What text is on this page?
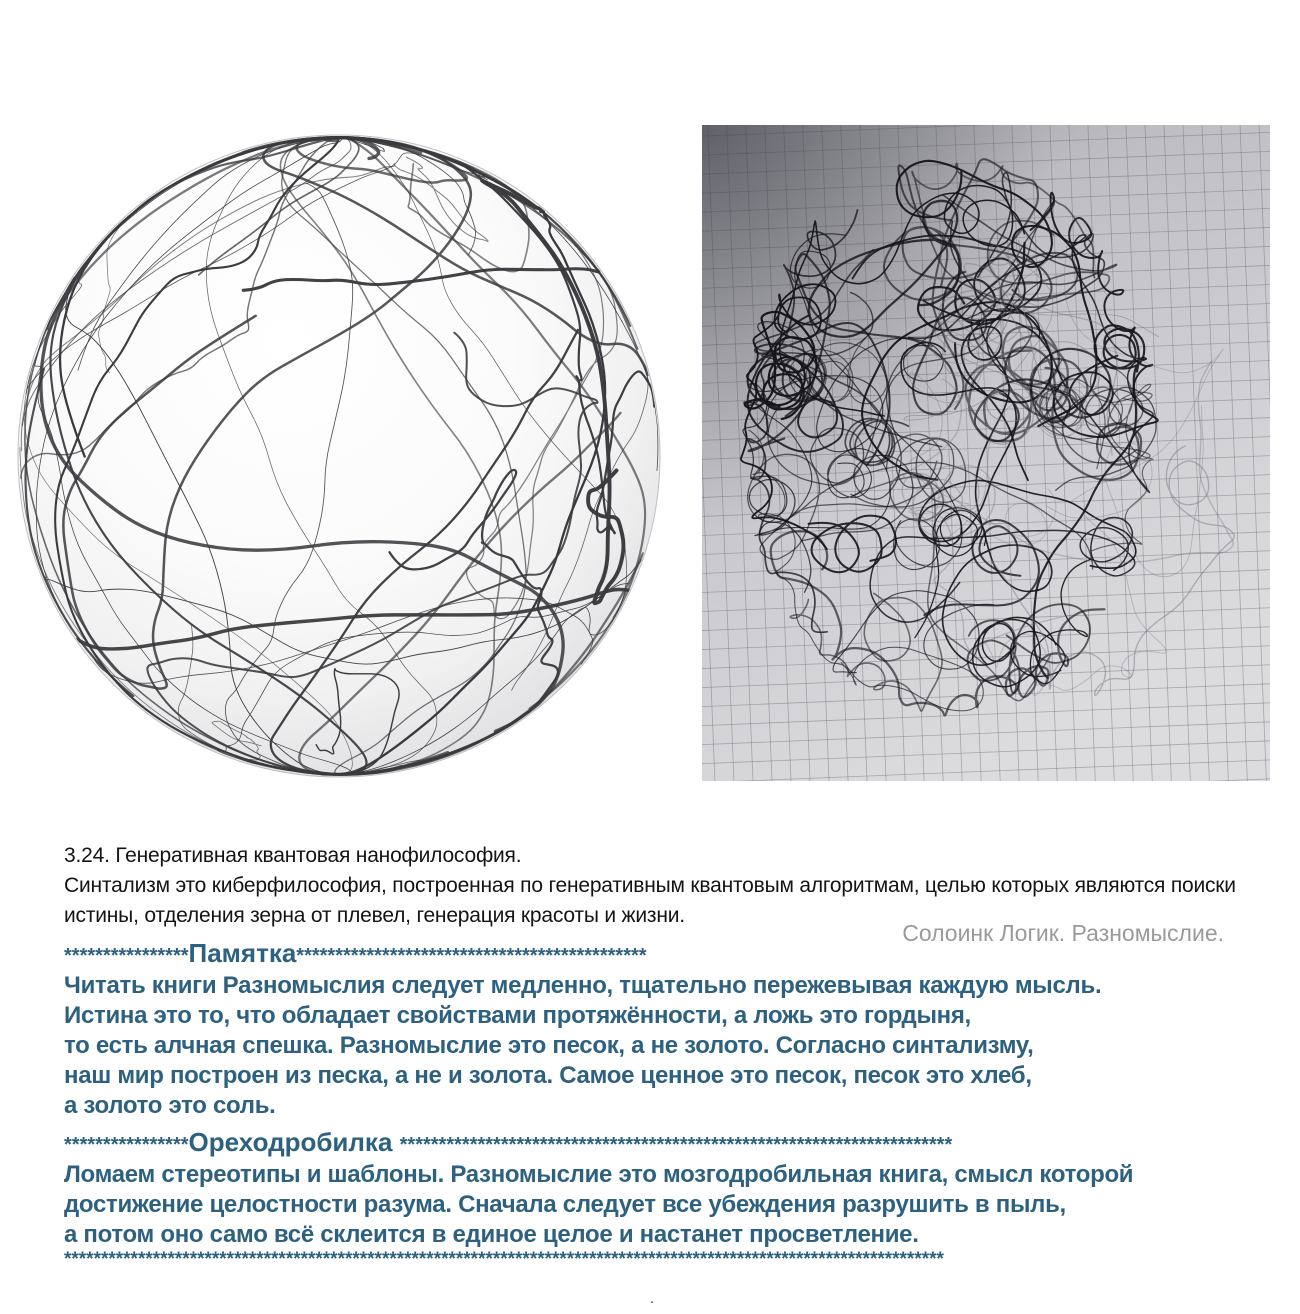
3.24. Генеративная квантовая нанофилософия.
Синтализм это киберфилософия, построенная по генеративным квантовым алгоритмам, целью которых являются поиски
истины, отделения зерна от плевел, генерация красоты и жизни.
Солоинк Логик. Разномыслие.
****************Памятка*********************************************
Читать книги Разномыслия следует медленно, тщательно пережевывая каждую мысль.
Истина это то, что обладает свойствами протяжённости, а ложь это гордыня,
то есть алчная спешка. Разномыслие это песок, а не золото. Согласно синтализму,
наш мир построен из песка, а не и золота. Самое ценное это песок, песок это хлеб,
а золото это соль.
****************Ореходробилка ***********************************************************************
Ломаем стереотипы и шаблоны. Разномыслие это мозгодробильная книга, смысл которой
достижение целостности разума. Сначала следует все убеждения разрушить в пыль,
а потом оно само всё склеится в единое целое и настанет просветление.
***********************************************************************************************************************
.
